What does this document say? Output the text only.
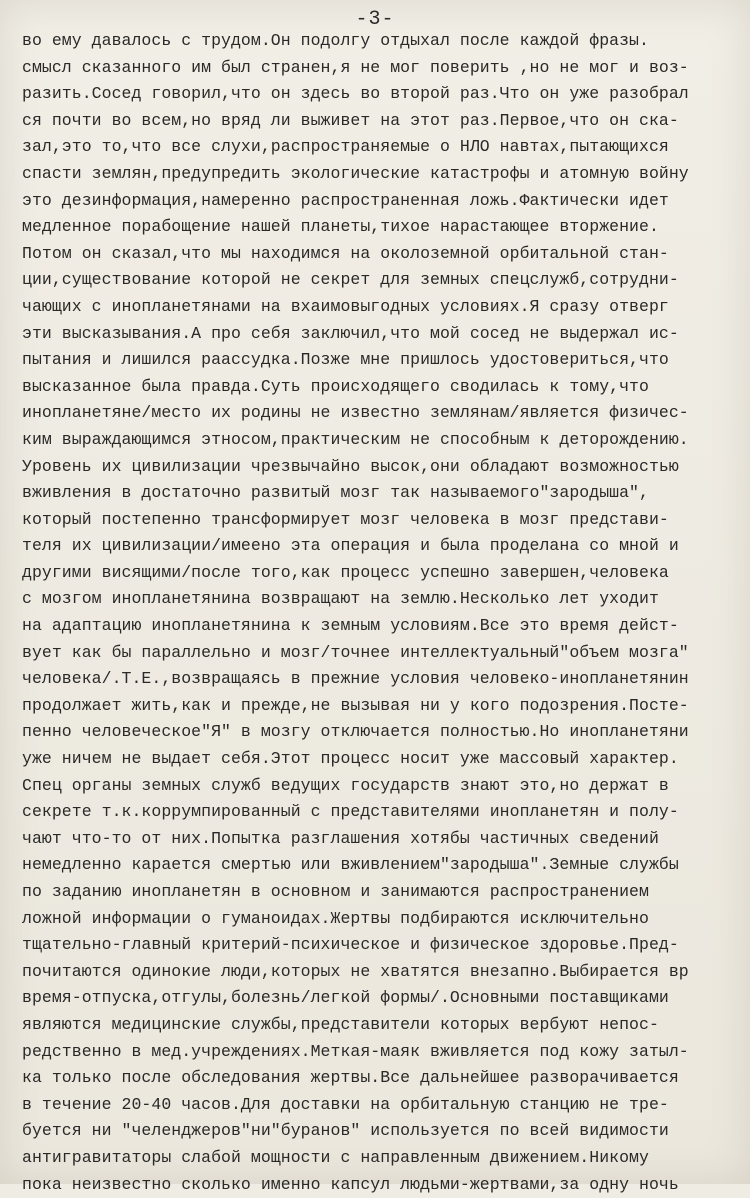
-3-
во ему давалось с трудом.Он подолгу отдыхал после каждой фразы.
смысл сказанного им был странен,я не мог поверить ,но не мог и воз-
разить.Сосед говорил,что он здесь во второй раз.Что он уже разобрал
ся почти во всем,но вряд ли выживет на этот раз.Первое,что он ска-
зал,это то,что все слухи,распространяемые о НЛО навтах,пытающихся
спасти землян,предупредить экологические катастрофы и атомную войну
это дезинформация,намеренно распространенная ложь.Фактически идет
медленное порабощение нашей планеты,тихое нарастающее вторжение.
Потом он сказал,что мы находимся на околоземной орбитальной стан-
ции,существование которой не секрет для земных спецслужб,сотрудни-
чающих с инопланетянами на вхаимовыгодных условиях.Я сразу отверг
эти высказывания.А про себя заключил,что мой сосед не выдержал ис-
пытания и лишился раассудка.Позже мне пришлось удостовериться,что
высказанное была правда.Суть происходящего сводилась к тому,что
инопланетяне/место их родины не известно землянам/является физичес-
ким выраждающимся этносом,практическим не способным к деторождению.
Уровень их цивилизации чрезвычайно высок,они обладают возможностью
вживления в достаточно развитый мозг так называемого"зародыша",
который постепенно трансформирует мозг человека в мозг представи-
теля их цивилизации/имеено эта операция и была проделана со мной и
другими висящими/после того,как процесс успешно завершен,человека
с мозгом инопланетянина возвращают на землю.Несколько лет уходит
на адаптацию инопланетянина к земным условиям.Все это время дейст-
вует как бы параллельно и мозг/точнее интеллектуальный"объем мозга"
человека/.Т.Е.,возвращаясь в прежние условия человеко-инопланетянин
продолжает жить,как и прежде,не вызывая ни у кого подозрения.Посте-
пенно человеческое"Я" в мозгу отключается полностью.Но инопланетяни
уже ничем не выдает себя.Этот процесс носит уже массовый характер.
Спец органы земных служб ведущих государств знают это,но держат в
секрете т.к.коррумпированный с представителями инопланетян и полу-
чают что-то от них.Попытка разглашения хотябы частичных сведений
немедленно карается смертью или вживлением"зародыша".Земные службы
по заданию инопланетян в основном и занимаются распространением
ложной информации о гуманоидах.Жертвы подбираются исключительно
тщательно-главный критерий-психическое и физическое здоровье.Пред-
почитаются одинокие люди,которых не хватятся внезапно.Выбирается вр
время-отпуска,отгулы,болезнь/легкой формы/.Основными поставщиками
являются медицинские службы,представители которых вербуют непос-
редственно в мед.учреждениях.Меткая-маяк вживляется под кожу затыл-
ка только после обследования жертвы.Все дальнейшее разворачивается
в течение 20-40 часов.Для доставки на орбитальную станцию не тре-
буется ни "челенджеров"ни"буранов" используется по всей видимости
антигравитаторы слабой мощности с направленным движением.Никому
пока неизвестно сколько именно капсул людьми-жертвами,за одну ночь
